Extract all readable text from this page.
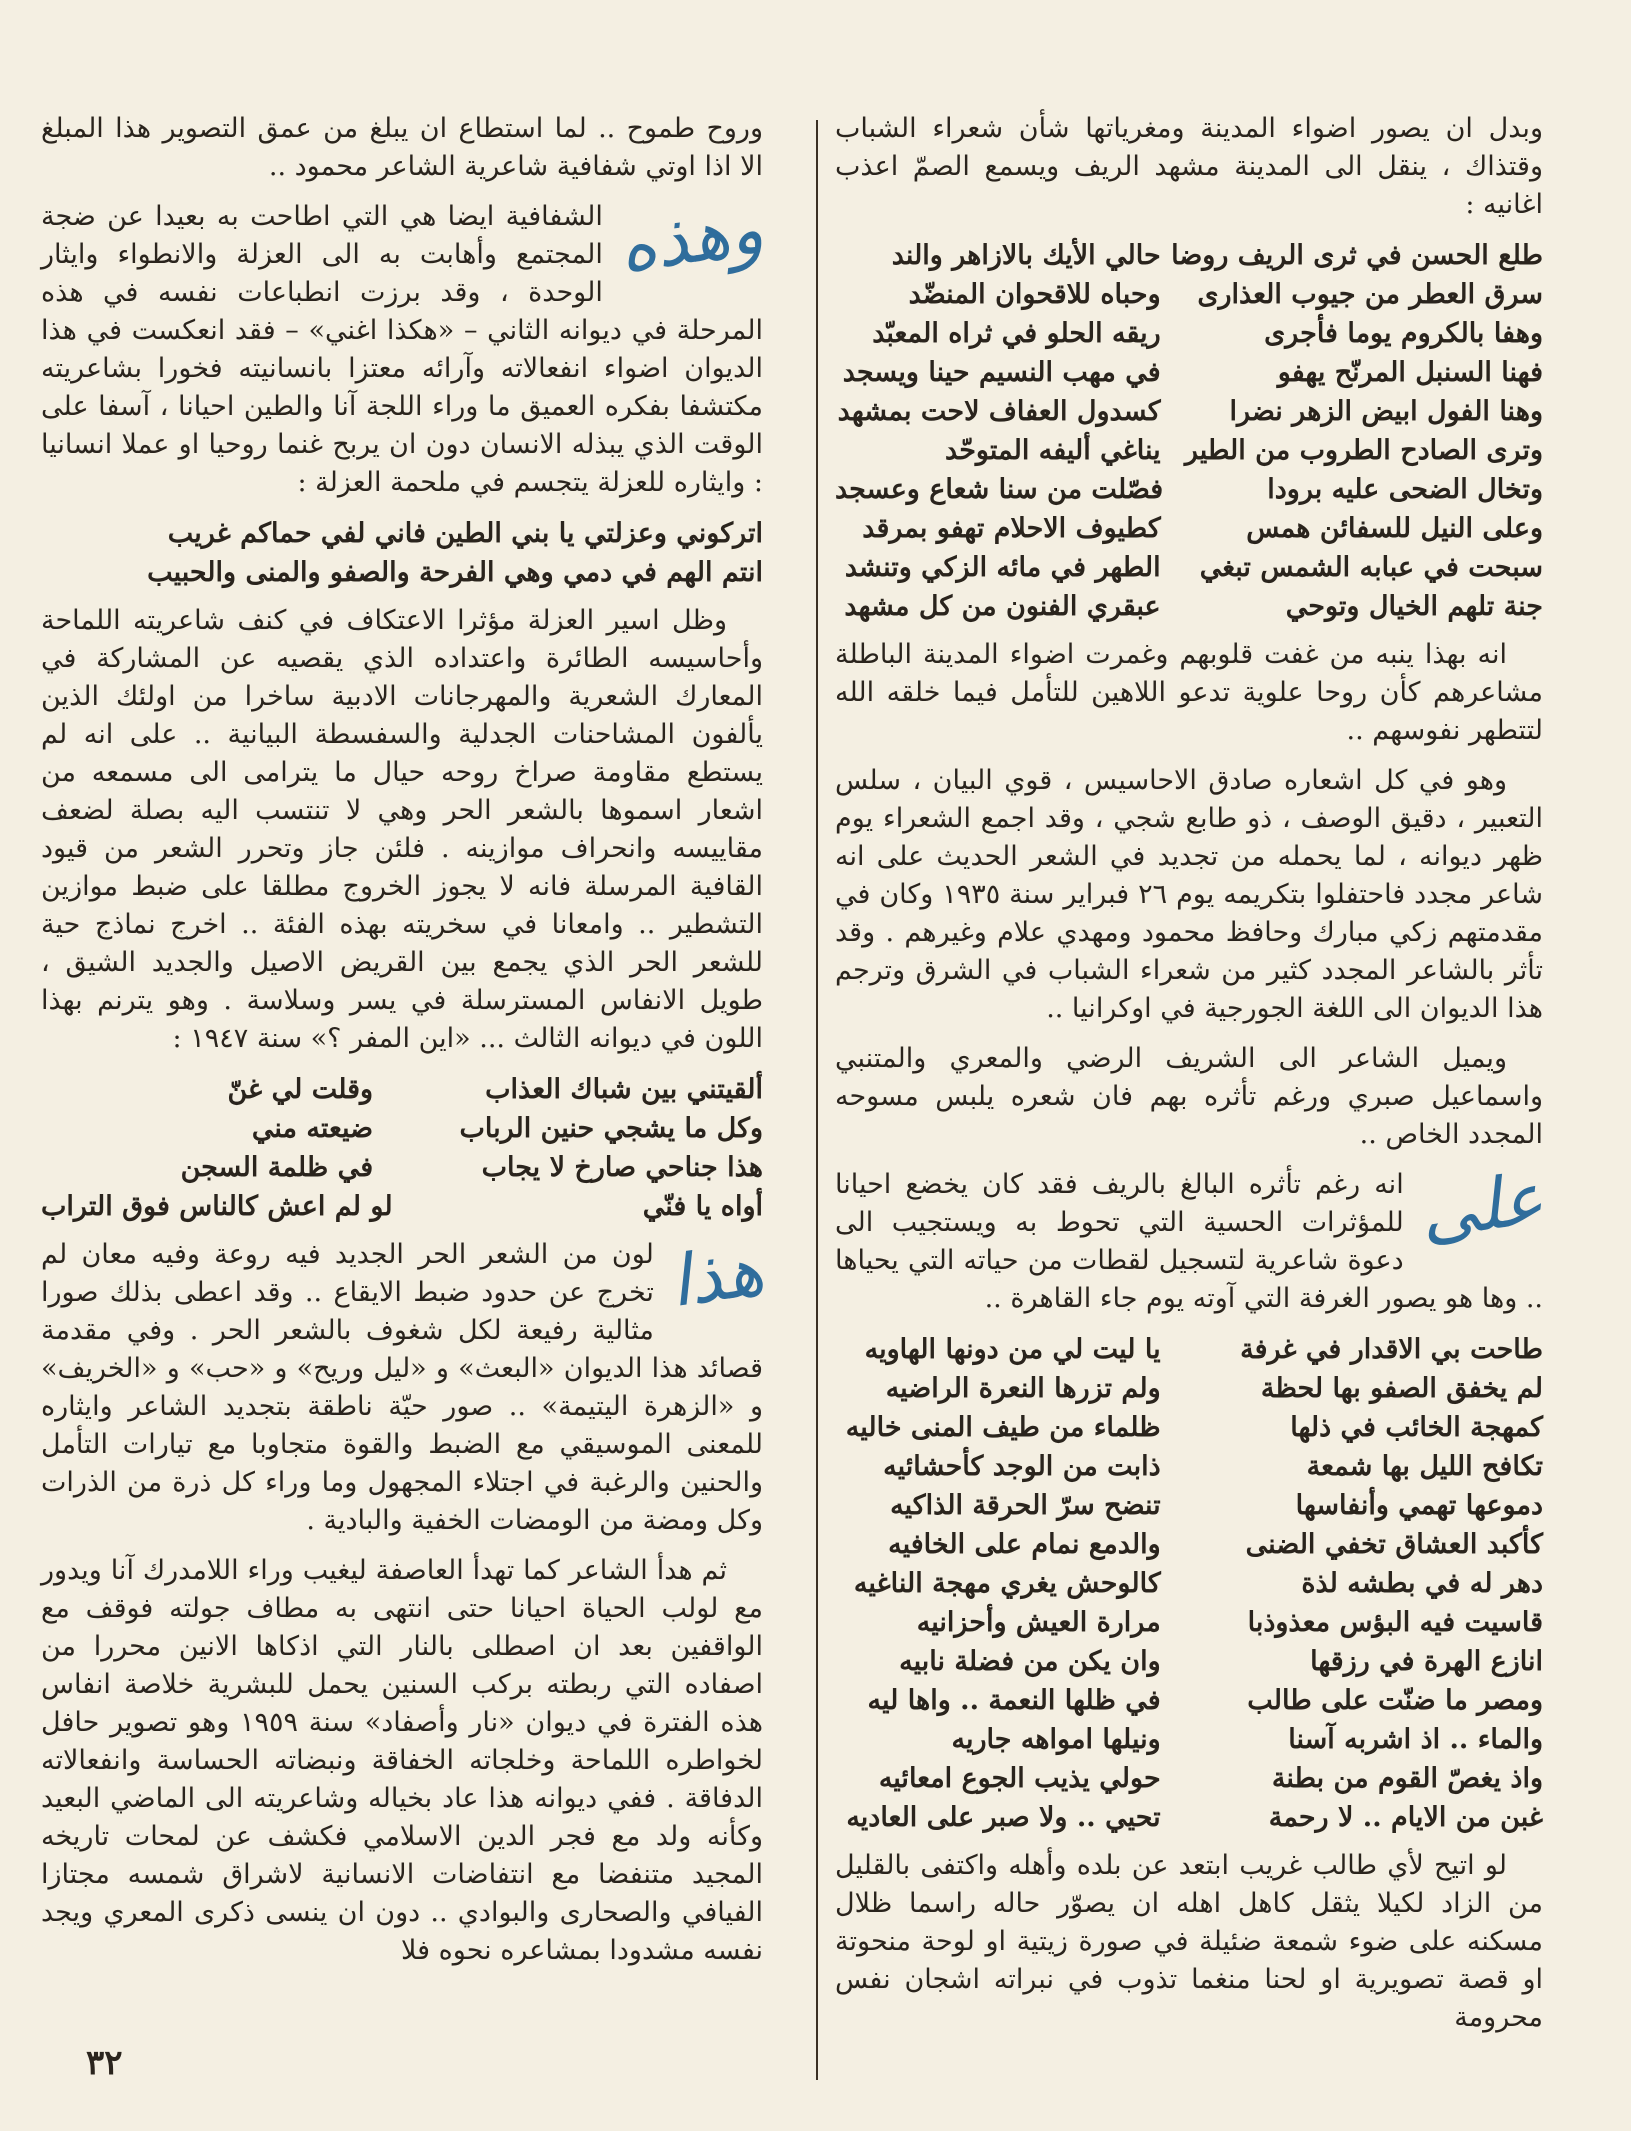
وبدل ان يصور اضواء المدينة ومغرياتها شأن شعراء الشباب وقتذاك ، ينقل الى المدينة مشهد الريف ويسمع الصمّ اعذب اغانيه :

طلع الحسن في ثرى الريف روضا
حالي الأيك بالازاهر والند
سرق العطر من جيوب العذارى
وحباه للاقحوان المنضّد
وهفا بالكروم يوما فأجرى
ريقه الحلو في ثراه المعبّد
فهنا السنبل المرنّح يهفو
في مهب النسيم حينا ويسجد
وهنا الفول ابيض الزهر نضرا
كسدول العفاف لاحت بمشهد
وترى الصادح الطروب من الطير
يناغي أليفه المتوحّد
وتخال الضحى عليه برودا
فصّلت من سنا شعاع وعسجد
وعلى النيل للسفائن همس
كطيوف الاحلام تهفو بمرقد
سبحت في عبابه الشمس تبغي
الطهر في مائه الزكي وتنشد
جنة تلهم الخيال وتوحي
عبقري الفنون من كل مشهد

انه بهذا ينبه من غفت قلوبهم وغمرت اضواء المدينة الباطلة مشاعرهم كأن روحا علوية تدعو اللاهين للتأمل فيما خلقه الله لتتطهر نفوسهم ..

وهو في كل اشعاره صادق الاحاسيس ، قوي البيان ، سلس التعبير ، دقيق الوصف ، ذو طابع شجي ، وقد اجمع الشعراء يوم ظهر ديوانه ، لما يحمله من تجديد في الشعر الحديث على انه شاعر مجدد فاحتفلوا بتكريمه يوم ٢٦ فبراير سنة ١٩٣٥ وكان في مقدمتهم زكي مبارك وحافظ محمود ومهدي علام وغيرهم . وقد تأثر بالشاعر المجدد كثير من شعراء الشباب في الشرق وترجم هذا الديوان الى اللغة الجورجية في اوكرانيا ..

ويميل الشاعر الى الشريف الرضي والمعري والمتنبي واسماعيل صبري ورغم تأثره بهم فان شعره يلبس مسوحه المجدد الخاص ..

على
انه رغم تأثره البالغ بالريف فقد كان يخضع احيانا للمؤثرات الحسية التي تحوط به ويستجيب الى دعوة شاعرية لتسجيل لقطات من حياته التي يحياها .. وها هو يصور الغرفة التي آوته يوم جاء القاهرة ..

طاحت بي الاقدار في غرفة
يا ليت لي من دونها الهاويه
لم يخفق الصفو بها لحظة
ولم تزرها النعرة الراضيه
كمهجة الخائب في ذلها
ظلماء من طيف المنى خاليه
تكافح الليل بها شمعة
ذابت من الوجد كأحشائيه
دموعها تهمي وأنفاسها
تنضح سرّ الحرقة الذاكيه
كأكبد العشاق تخفي الضنى
والدمع نمام على الخافيه
دهر له في بطشه لذة
كالوحش يغري مهجة الناغيه
قاسيت فيه البؤس معذوذبا
مرارة العيش وأحزانيه
انازع الهرة في رزقها
وان يكن من فضلة نابيه
ومصر ما ضنّت على طالب
في ظلها النعمة .. واها ليه
والماء .. اذ اشربه آسنا
ونيلها امواهه جاريه
واذ يغصّ القوم من بطنة
حولي يذيب الجوع امعائيه
غبن من الايام .. لا رحمة
تحيي .. ولا صبر على العاديه

لو اتيح لأي طالب غريب ابتعد عن بلده وأهله واكتفى بالقليل من الزاد لكيلا يثقل كاهل اهله ان يصوّر حاله راسما ظلال مسكنه على ضوء شمعة ضئيلة في صورة زيتية او لوحة منحوتة او قصة تصويرية او لحنا منغما تذوب في نبراته اشجان نفس محرومة

وروح طموح .. لما استطاع ان يبلغ من عمق التصوير هذا المبلغ الا اذا اوتي شفافية شاعرية الشاعر محمود ..

وهذه
الشفافية ايضا هي التي اطاحت به بعيدا عن ضجة المجتمع وأهابت به الى العزلة والانطواء وايثار الوحدة ، وقد برزت انطباعات نفسه في هذه المرحلة في ديوانه الثاني – «هكذا اغني» – فقد انعكست في هذا الديوان اضواء انفعالاته وآرائه معتزا بانسانيته فخورا بشاعريته مكتشفا بفكره العميق ما وراء اللجة آنا والطين احيانا ، آسفا على الوقت الذي يبذله الانسان دون ان يربح غنما روحيا او عملا انسانيا : وايثاره للعزلة يتجسم في ملحمة العزلة :

اتركوني وعزلتي يا بني الطين فاني لفي حماكم غريب
انتم الهم في دمي وهي الفرحة والصفو والمنى والحبيب

وظل اسير العزلة مؤثرا الاعتكاف في كنف شاعريته اللماحة وأحاسيسه الطائرة واعتداده الذي يقصيه عن المشاركة في المعارك الشعرية والمهرجانات الادبية ساخرا من اولئك الذين يألفون المشاحنات الجدلية والسفسطة البيانية .. على انه لم يستطع مقاومة صراخ روحه حيال ما يترامى الى مسمعه من اشعار اسموها بالشعر الحر وهي لا تنتسب اليه بصلة لضعف مقاييسه وانحراف موازينه . فلئن جاز وتحرر الشعر من قيود القافية المرسلة فانه لا يجوز الخروج مطلقا على ضبط موازين التشطير .. وامعانا في سخريته بهذه الفئة .. اخرج نماذج حية للشعر الحر الذي يجمع بين القريض الاصيل والجديد الشيق ، طويل الانفاس المسترسلة في يسر وسلاسة . وهو يترنم بهذا اللون في ديوانه الثالث ... «اين المفر ؟» سنة ١٩٤٧ :

ألقيتني بين شباك العذاب
وقلت لي غنّ
وكل ما يشجي حنين الرباب
ضيعته مني
هذا جناحي صارخ لا يجاب
في ظلمة السجن
أواه يا فنّي
لو لم اعش كالناس فوق التراب

هذا
لون من الشعر الحر الجديد فيه روعة وفيه معان لم تخرج عن حدود ضبط الايقاع .. وقد اعطى بذلك صورا مثالية رفيعة لكل شغوف بالشعر الحر . وفي مقدمة قصائد هذا الديوان «البعث» و «ليل وريح» و «حب» و «الخريف» و «الزهرة اليتيمة» .. صور حيّة ناطقة بتجديد الشاعر وايثاره للمعنى الموسيقي مع الضبط والقوة متجاوبا مع تيارات التأمل والحنين والرغبة في اجتلاء المجهول وما وراء كل ذرة من الذرات وكل ومضة من الومضات الخفية والبادية .

ثم هدأ الشاعر كما تهدأ العاصفة ليغيب وراء اللامدرك آنا ويدور مع لولب الحياة احيانا حتى انتهى به مطاف جولته فوقف مع الواقفين بعد ان اصطلى بالنار التي اذكاها الانين محررا من اصفاده التي ربطته بركب السنين يحمل للبشرية خلاصة انفاس هذه الفترة في ديوان «نار وأصفاد» سنة ١٩٥٩ وهو تصوير حافل لخواطره اللماحة وخلجاته الخفاقة ونبضاته الحساسة وانفعالاته الدفاقة . ففي ديوانه هذا عاد بخياله وشاعريته الى الماضي البعيد وكأنه ولد مع فجر الدين الاسلامي فكشف عن لمحات تاريخه المجيد متنفضا مع انتفاضات الانسانية لاشراق شمسه مجتازا الفيافي والصحارى والبوادي .. دون ان ينسى ذكرى المعري ويجد نفسه مشدودا بمشاعره نحوه فلا

٣٢
